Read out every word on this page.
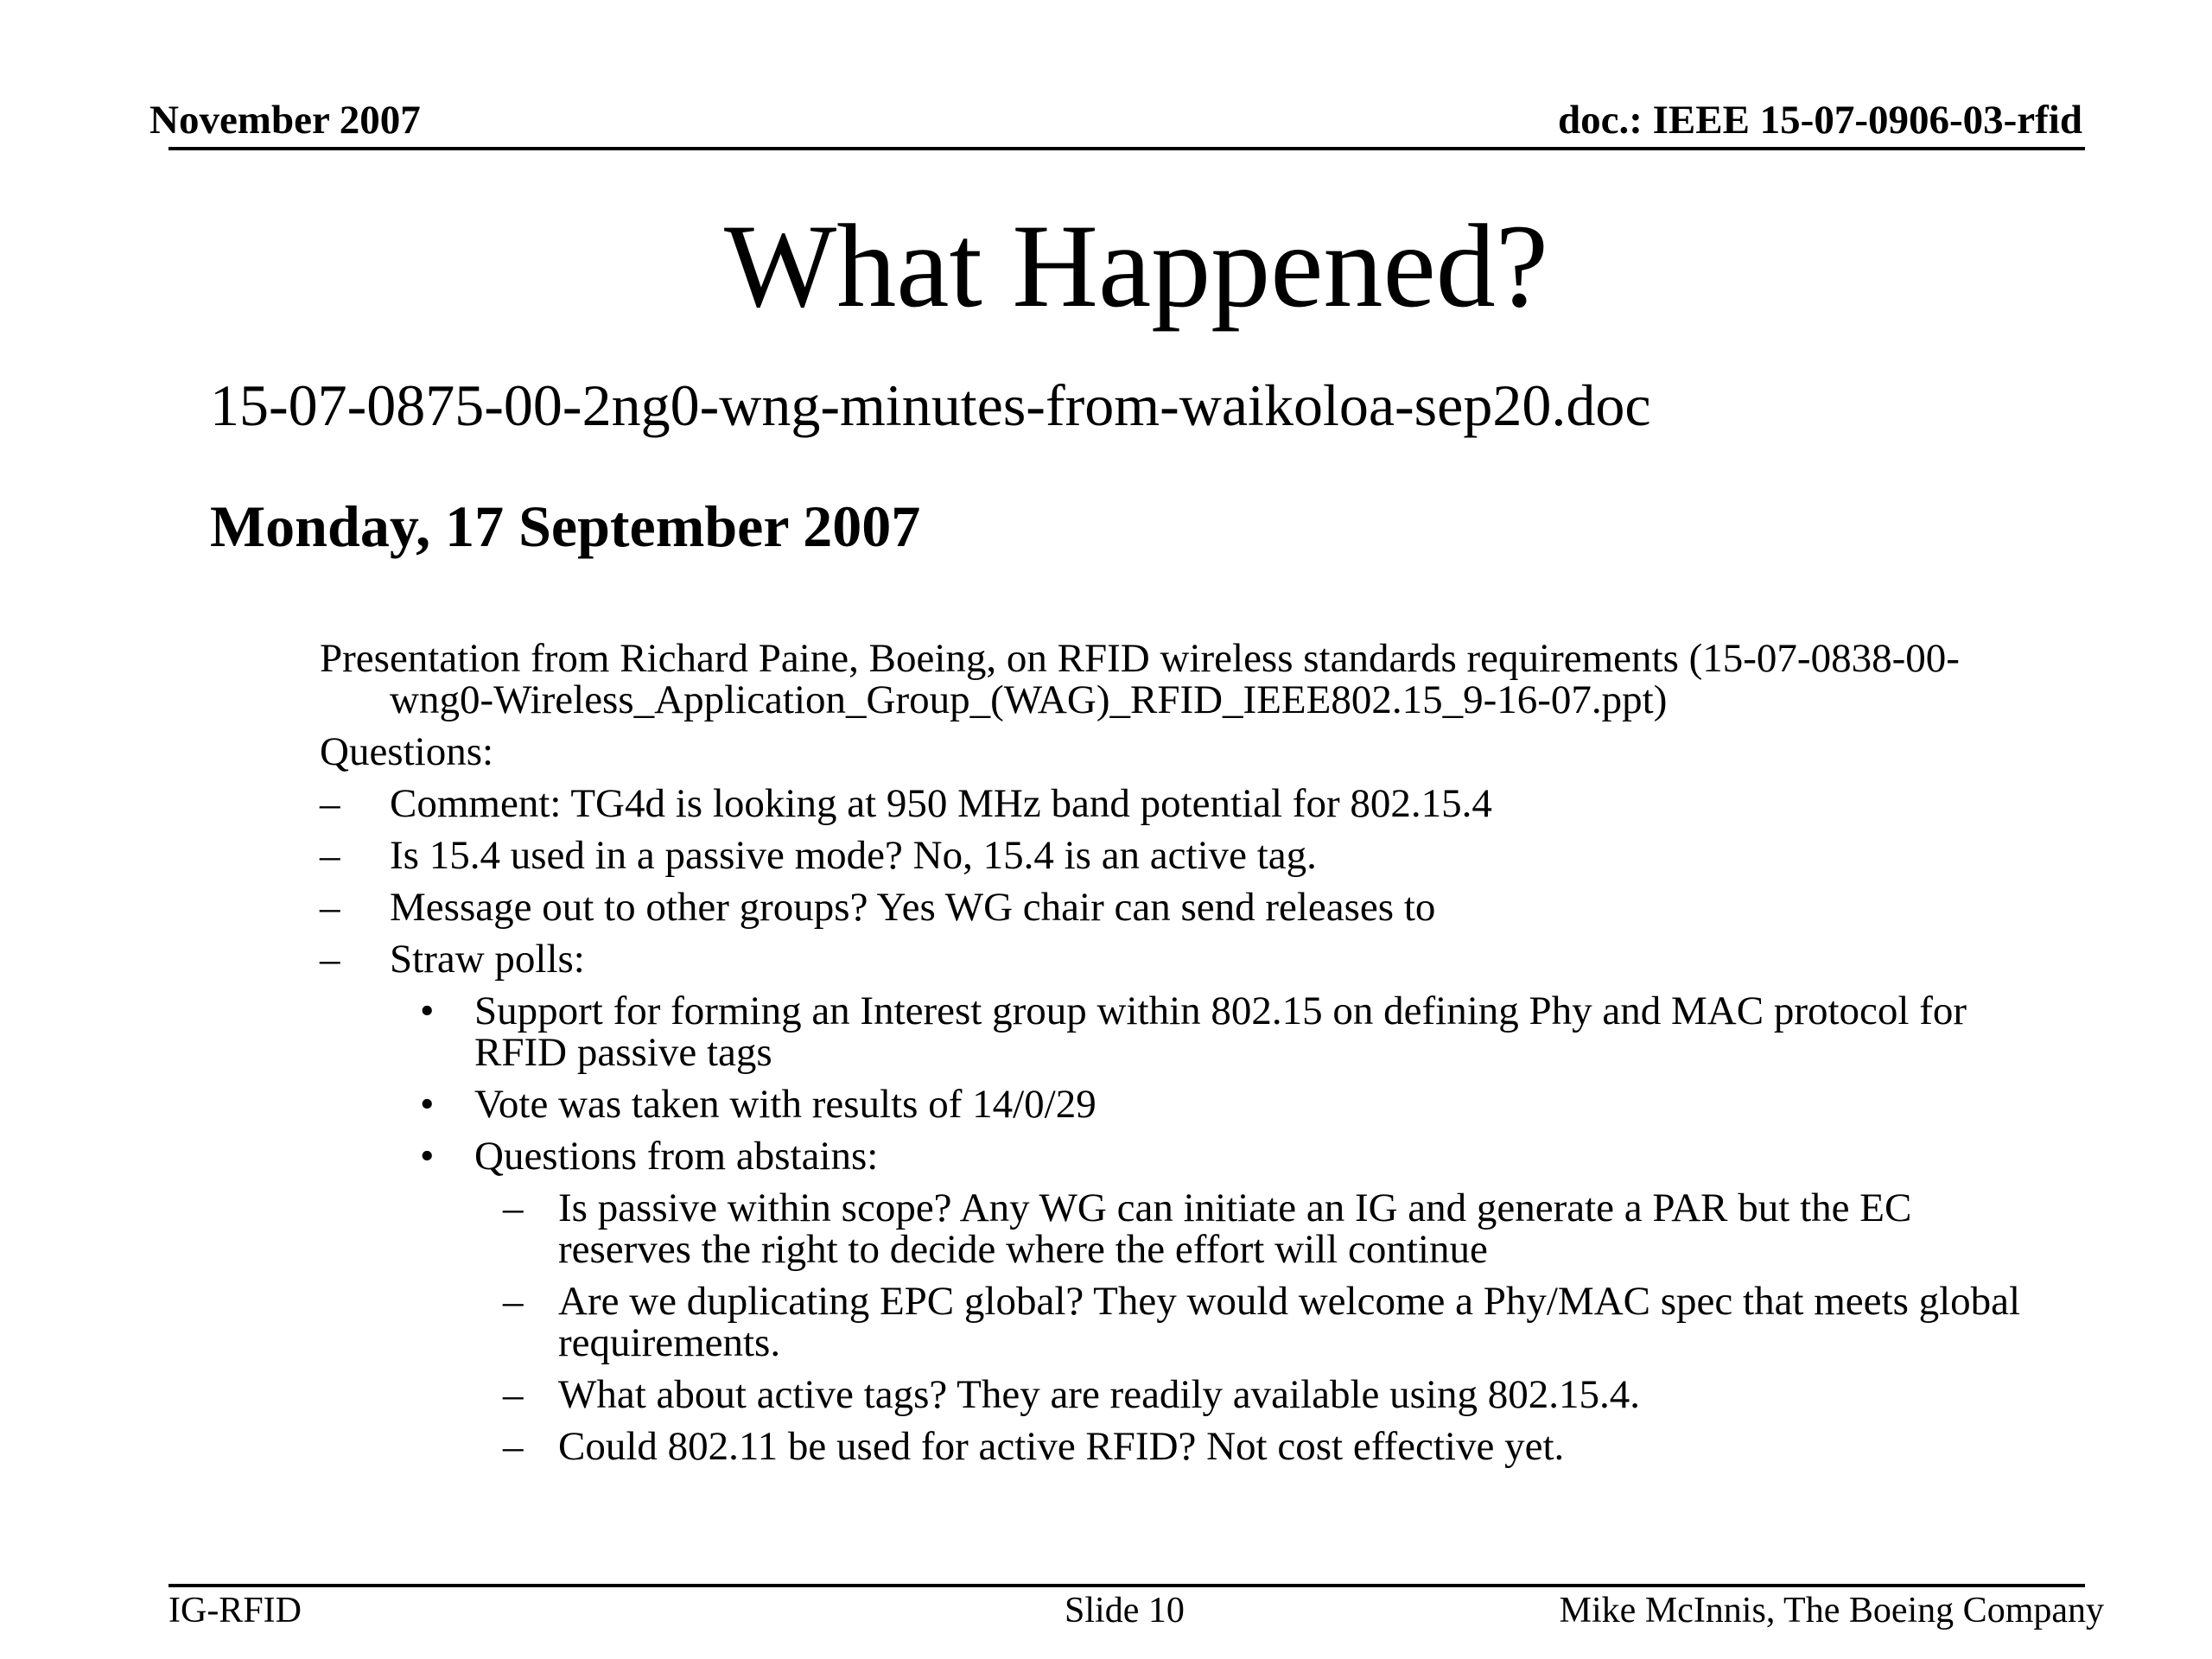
November 2007	doc.: IEEE 15-07-0906-03-rfid
What Happened?
15-07-0875-00-2ng0-wng-minutes-from-waikoloa-sep20.doc
Monday, 17 September 2007

Presentation from Richard Paine, Boeing, on RFID wireless standards requirements (15-07-0838-00-wng0-Wireless_Application_Group_(WAG)_RFID_IEEE802.15_9-16-07.ppt)

Questions:

– Comment: TG4d is looking at 950 MHz band potential for 802.15.4

– Is 15.4 used in a passive mode? No, 15.4 is an active tag.

– Message out to other groups? Yes WG chair can send releases to

– Straw polls:

• Support for forming an Interest group within 802.15 on defining Phy and MAC protocol for RFID passive tags

• Vote was taken with results of 14/0/29

• Questions from abstains:

– Is passive within scope? Any WG can initiate an IG and generate a PAR but the EC reserves the right to decide where the effort will continue

– Are we duplicating EPC global? They would welcome a Phy/MAC spec that meets global requirements.

– What about active tags? They are readily available using 802.15.4.

– Could 802.11 be used for active RFID? Not cost effective yet.

IG-RFID	Slide 10	Mike McInnis, The Boeing Company
